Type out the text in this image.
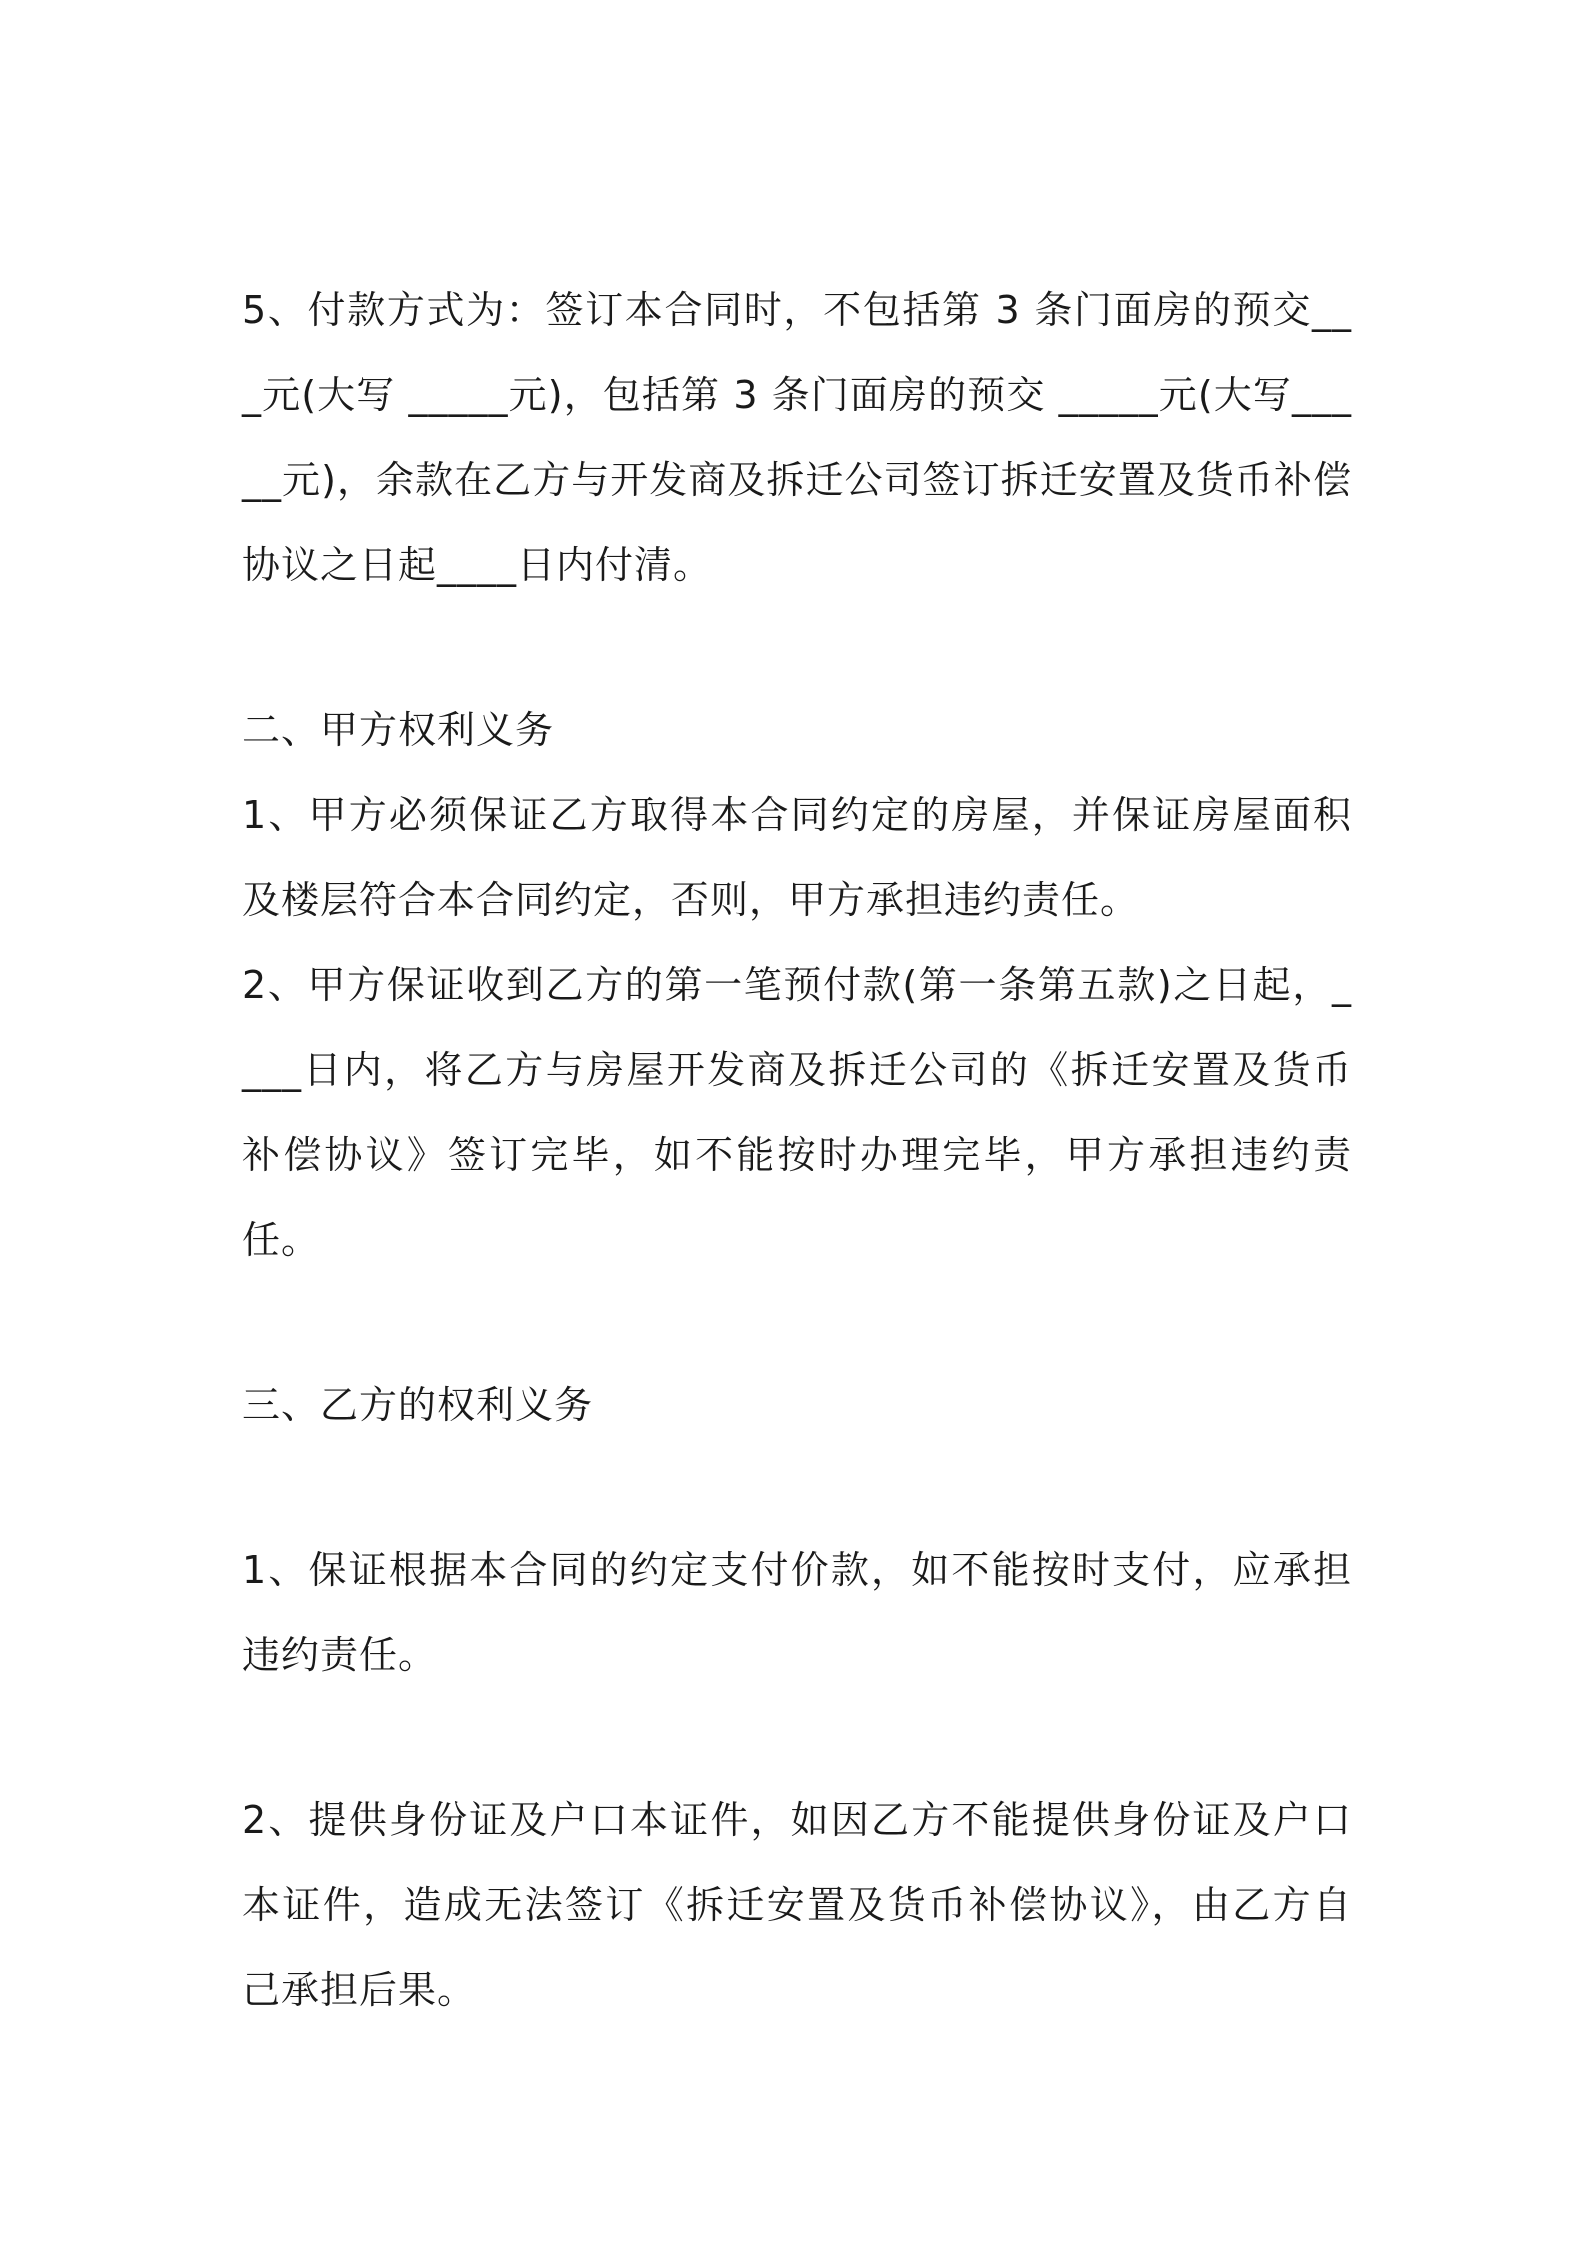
5、付款方式为：签订本合同时，不包括第 3 条门面房的预交___元(大写 _____元)，包括第 3 条门面房的预交 _____元(大写_____元)，余款在乙方与开发商及拆迁公司签订拆迁安置及货币补偿协议之日起____日内付清。

二、甲方权利义务

1、甲方必须保证乙方取得本合同约定的房屋，并保证房屋面积及楼层符合本合同约定，否则，甲方承担违约责任。

2、甲方保证收到乙方的第一笔预付款(第一条第五款)之日起，____日内，将乙方与房屋开发商及拆迁公司的《拆迁安置及货币补偿协议》签订完毕，如不能按时办理完毕，甲方承担违约责任。

三、乙方的权利义务

1、保证根据本合同的约定支付价款，如不能按时支付，应承担违约责任。

2、提供身份证及户口本证件，如因乙方不能提供身份证及户口本证件，造成无法签订《拆迁安置及货币补偿协议》，由乙方自己承担后果。
